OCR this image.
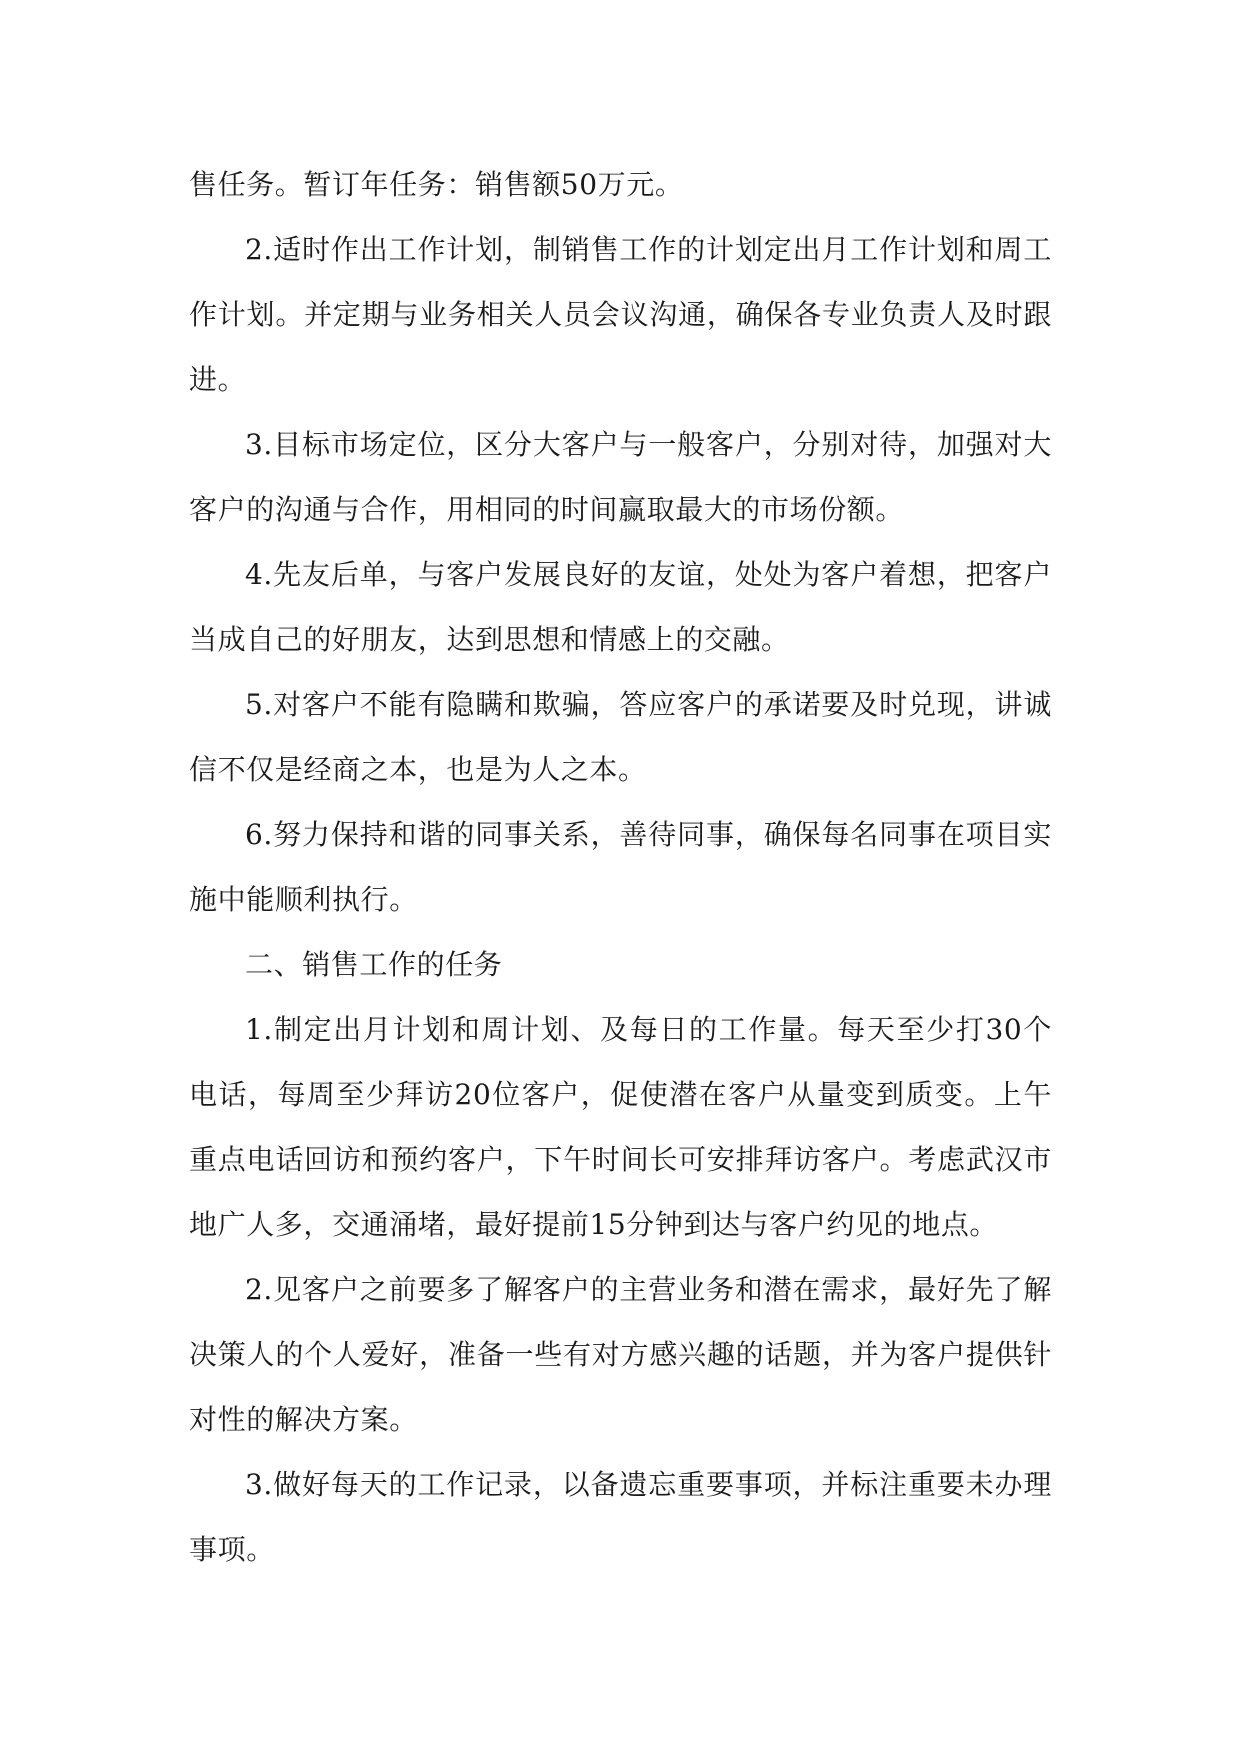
售任务。暂订年任务：销售额50万元。

2.适时作出工作计划，制销售工作的计划定出月工作计划和周工作计划。并定期与业务相关人员会议沟通，确保各专业负责人及时跟进。

3.目标市场定位，区分大客户与一般客户，分别对待，加强对大客户的沟通与合作，用相同的时间赢取最大的市场份额。

4.先友后单，与客户发展良好的友谊，处处为客户着想，把客户当成自己的好朋友，达到思想和情感上的交融。

5.对客户不能有隐瞒和欺骗，答应客户的承诺要及时兑现，讲诚信不仅是经商之本，也是为人之本。

6.努力保持和谐的同事关系，善待同事，确保每名同事在项目实施中能顺利执行。

二、销售工作的任务

1.制定出月计划和周计划、及每日的工作量。每天至少打30个电话，每周至少拜访20位客户，促使潜在客户从量变到质变。上午重点电话回访和预约客户，下午时间长可安排拜访客户。考虑武汉市地广人多，交通涌堵，最好提前15分钟到达与客户约见的地点。

2.见客户之前要多了解客户的主营业务和潜在需求，最好先了解决策人的个人爱好，准备一些有对方感兴趣的话题，并为客户提供针对性的解决方案。

3.做好每天的工作记录，以备遗忘重要事项，并标注重要未办理事项。
